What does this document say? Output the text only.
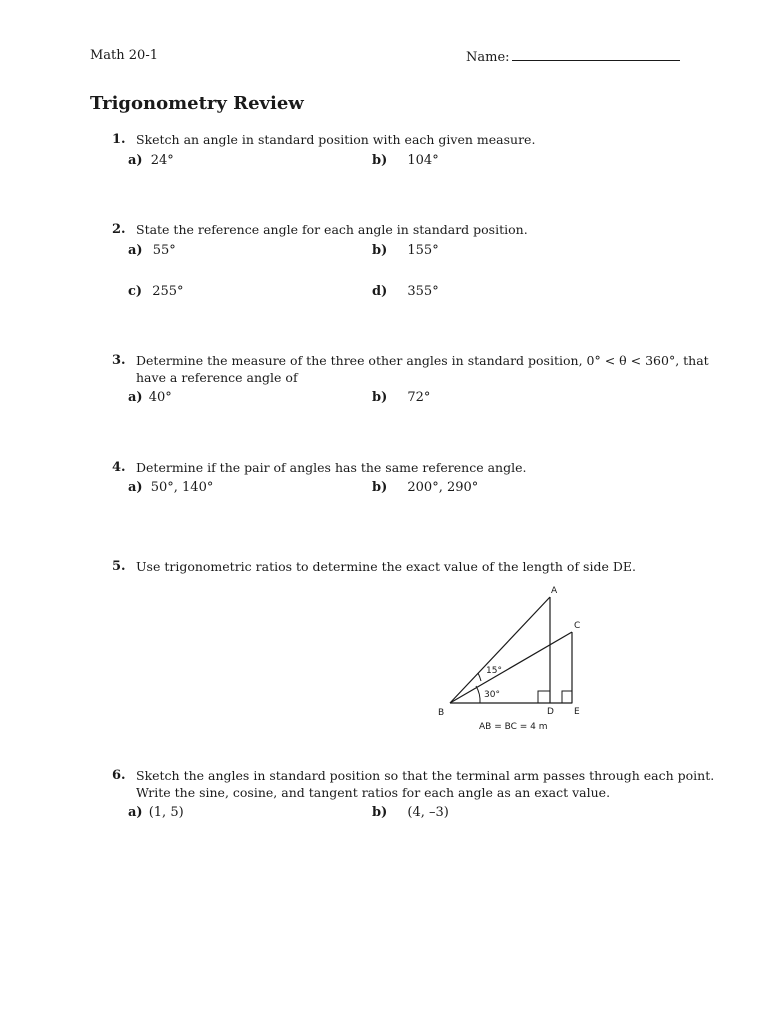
Math 20-1	Name:
Trigonometry Review
1. Sketch an angle in standard position with each given measure.
a) 24°	b) 104°
2. State the reference angle for each angle in standard position.
a) 55°	b) 155°
c) 255°	d) 355°
3. Determine the measure of the three other angles in standard position, 0° < θ < 360°, that
have a reference angle of
a) 40°	b) 72°
4. Determine if the pair of angles has the same reference angle.
a) 50°, 140°	b) 200°, 290°
5. Use trigonometric ratios to determine the exact value of the length of side DE.
A
B
C
D E
15°
30°
AB = BC = 4 m
6. Sketch the angles in standard position so that the terminal arm passes through each point.
Write the sine, cosine, and tangent ratios for each angle as an exact value.
a) (1, 5)	b) (4, –3)
